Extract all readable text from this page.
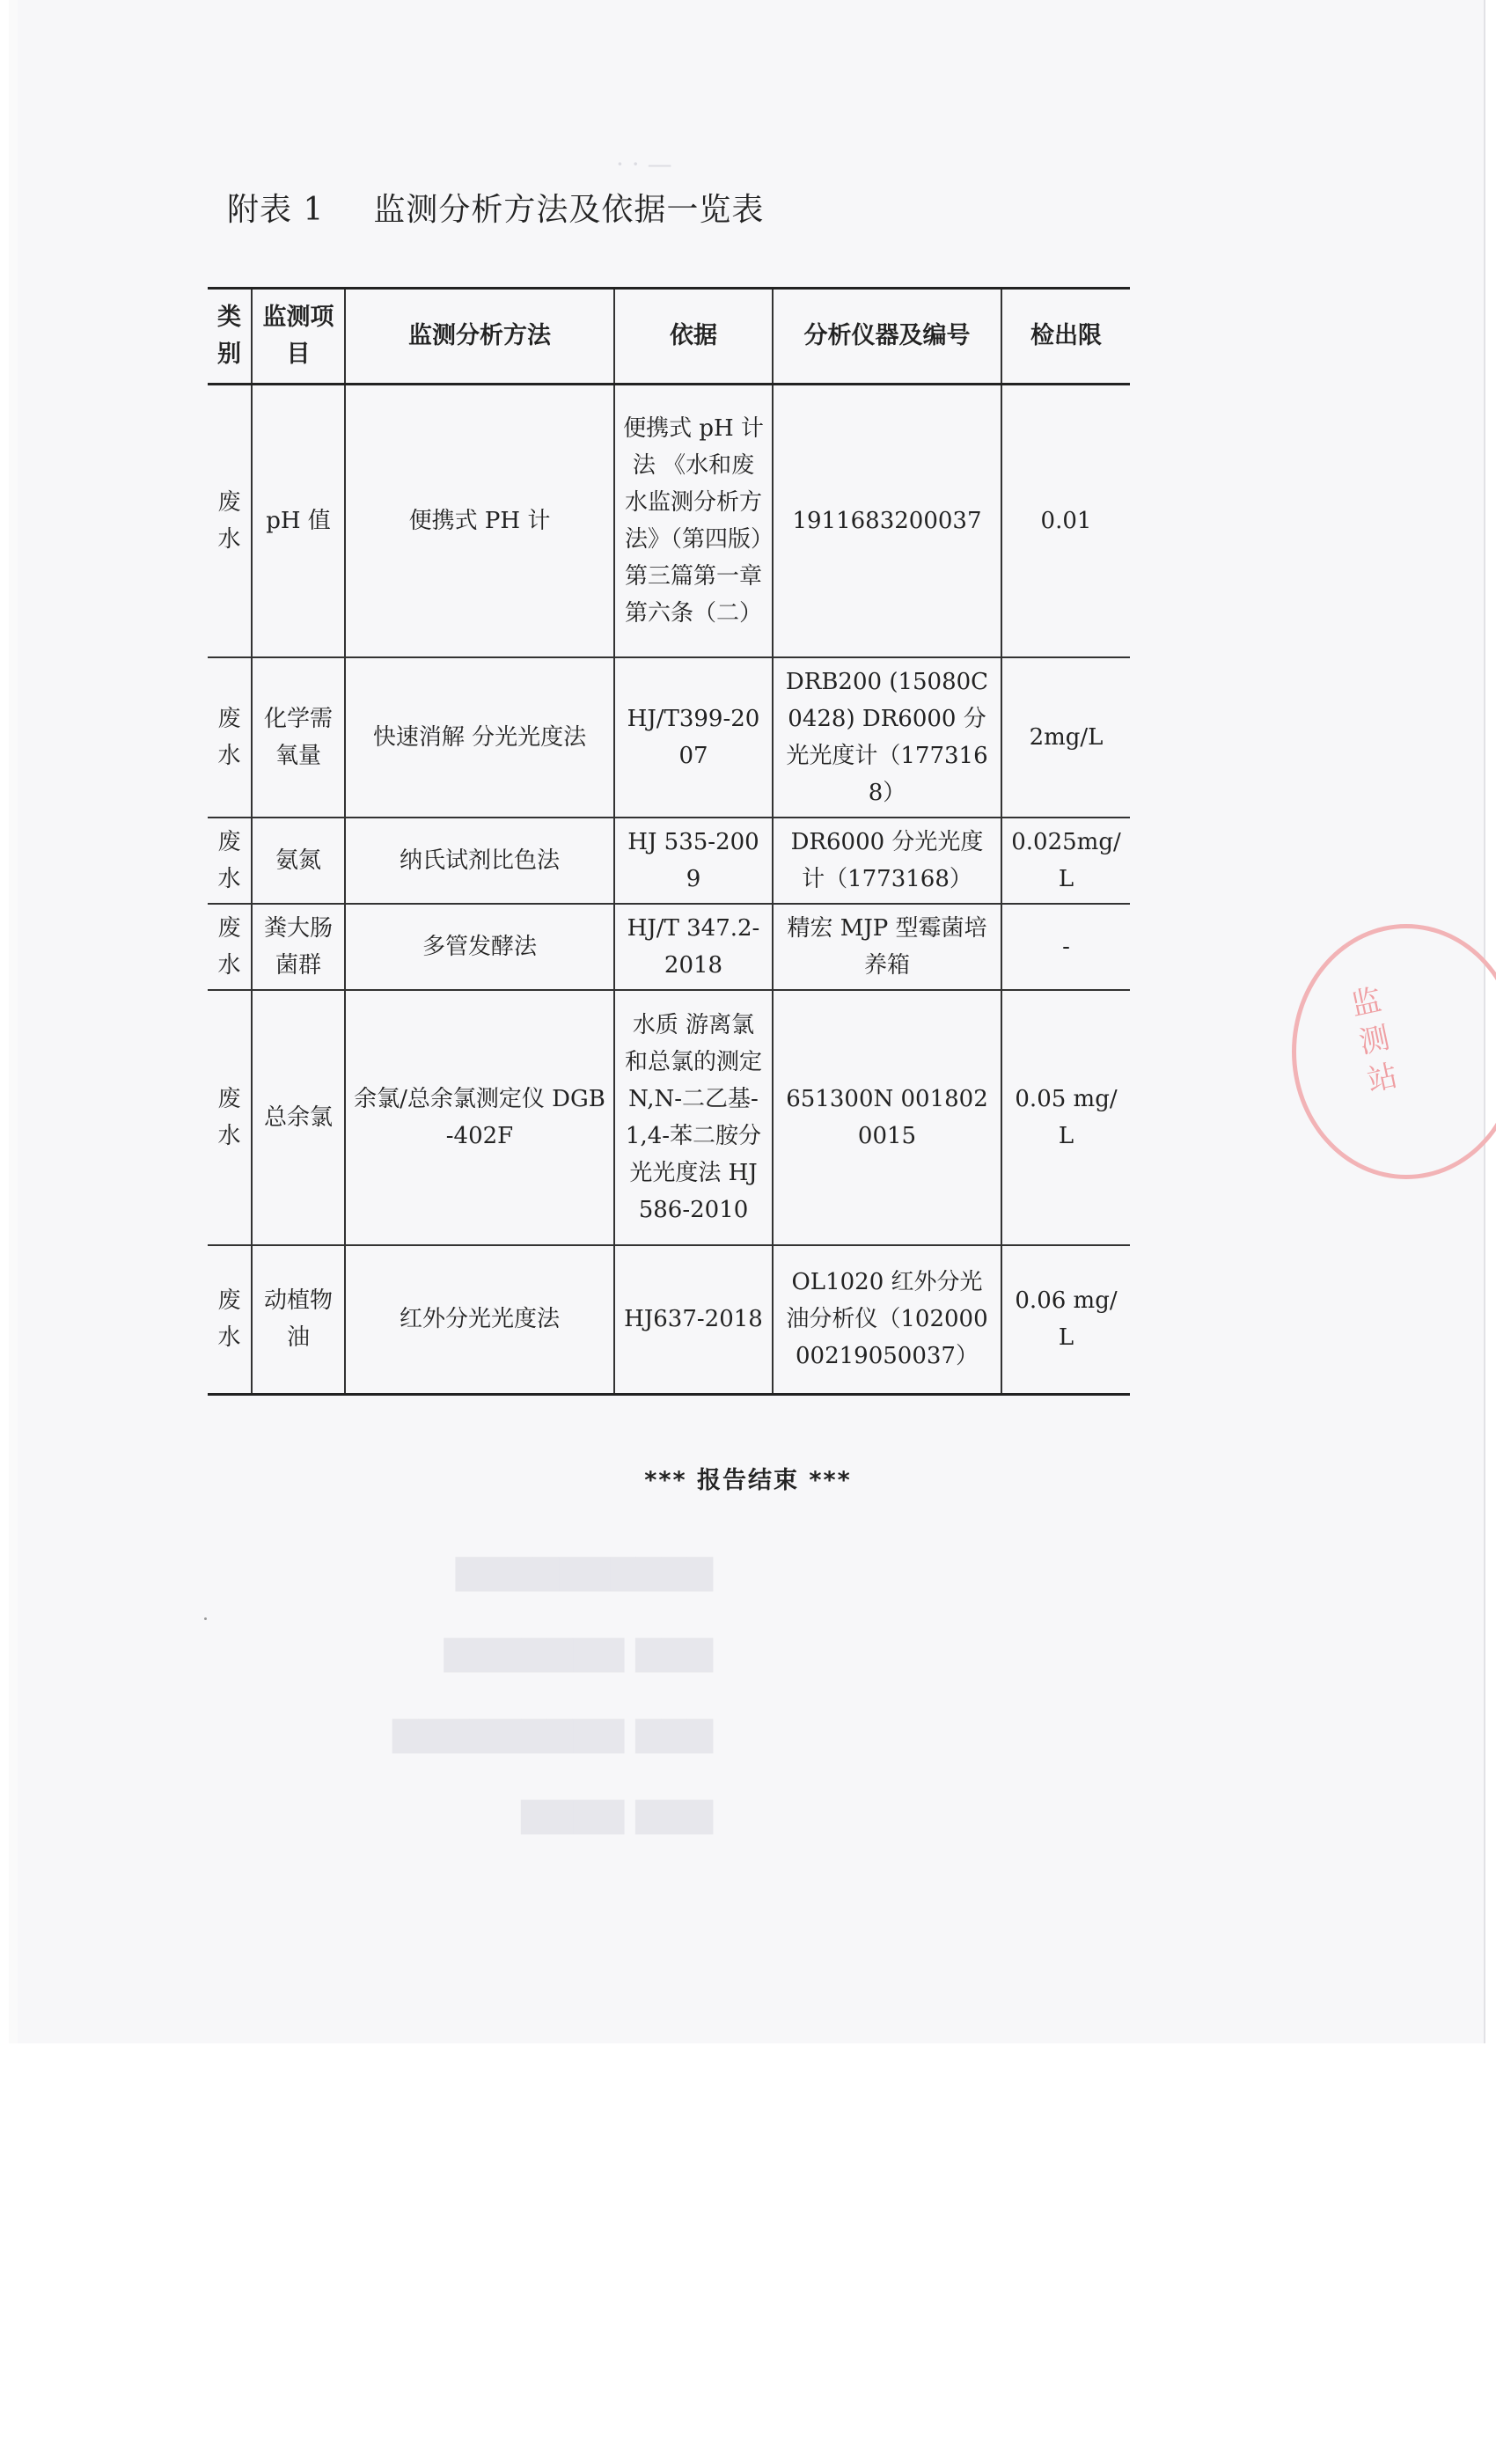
附表 1 监测分析方法及依据一览表
类别	监测项目	监测分析方法	依据	分析仪器及编号	检出限
废水	pH 值	便携式 PH 计	便携式 pH 计法 《水和废水监测分析方法》（第四版）第三篇第一章第六条（二）	1911683200037	0.01
废水	化学需氧量	快速消解 分光光度法	HJ/T399-2007	DRB200 (15080C0428) DR6000 分光光度计（1773168）	2mg/L
废水	氨氮	纳氏试剂比色法	HJ 535-2009	DR6000 分光光度计（1773168）	0.025mg/L
废水	粪大肠菌群	多管发酵法	HJ/T 347.2-2018	精宏 MJP 型霉菌培养箱	-
废水	总余氯	余氯/总余氯测定仪 DGB-402F	水质 游离氯和总氯的测定 N,N-二乙基-1,4-苯二胺分光光度法 HJ 586-2010	651300N 0018020015	0.05 mg/L
废水	动植物油	红外分光光度法	HJ637-2018	OL1020 红外分光油分析仪（10200000219050037）	0.06 mg/L
*** 报告结束 ***
▇▇▇▇▇▇▇▇▇▇
▇▇▇ ▇▇▇▇▇▇▇
▇▇▇ ▇▇▇▇▇▇▇▇▇
▇▇▇ ▇▇▇▇
监测站
· · —
